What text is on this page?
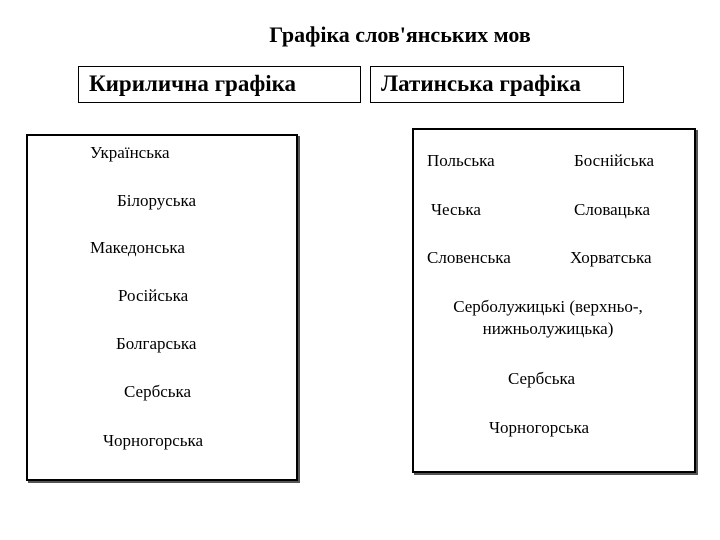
Графіка слов'янських мов
Кирилична графіка	Латинська графіка
Українська
Білоруська
Македонська
Російська
Болгарська
Сербська
Чорногорська
Польська	Боснійська
Чеська	Словацька
Словенська	Хорватська
Серболужицькі (верхньо-,
нижньолужицька)
Сербська
Чорногорська
